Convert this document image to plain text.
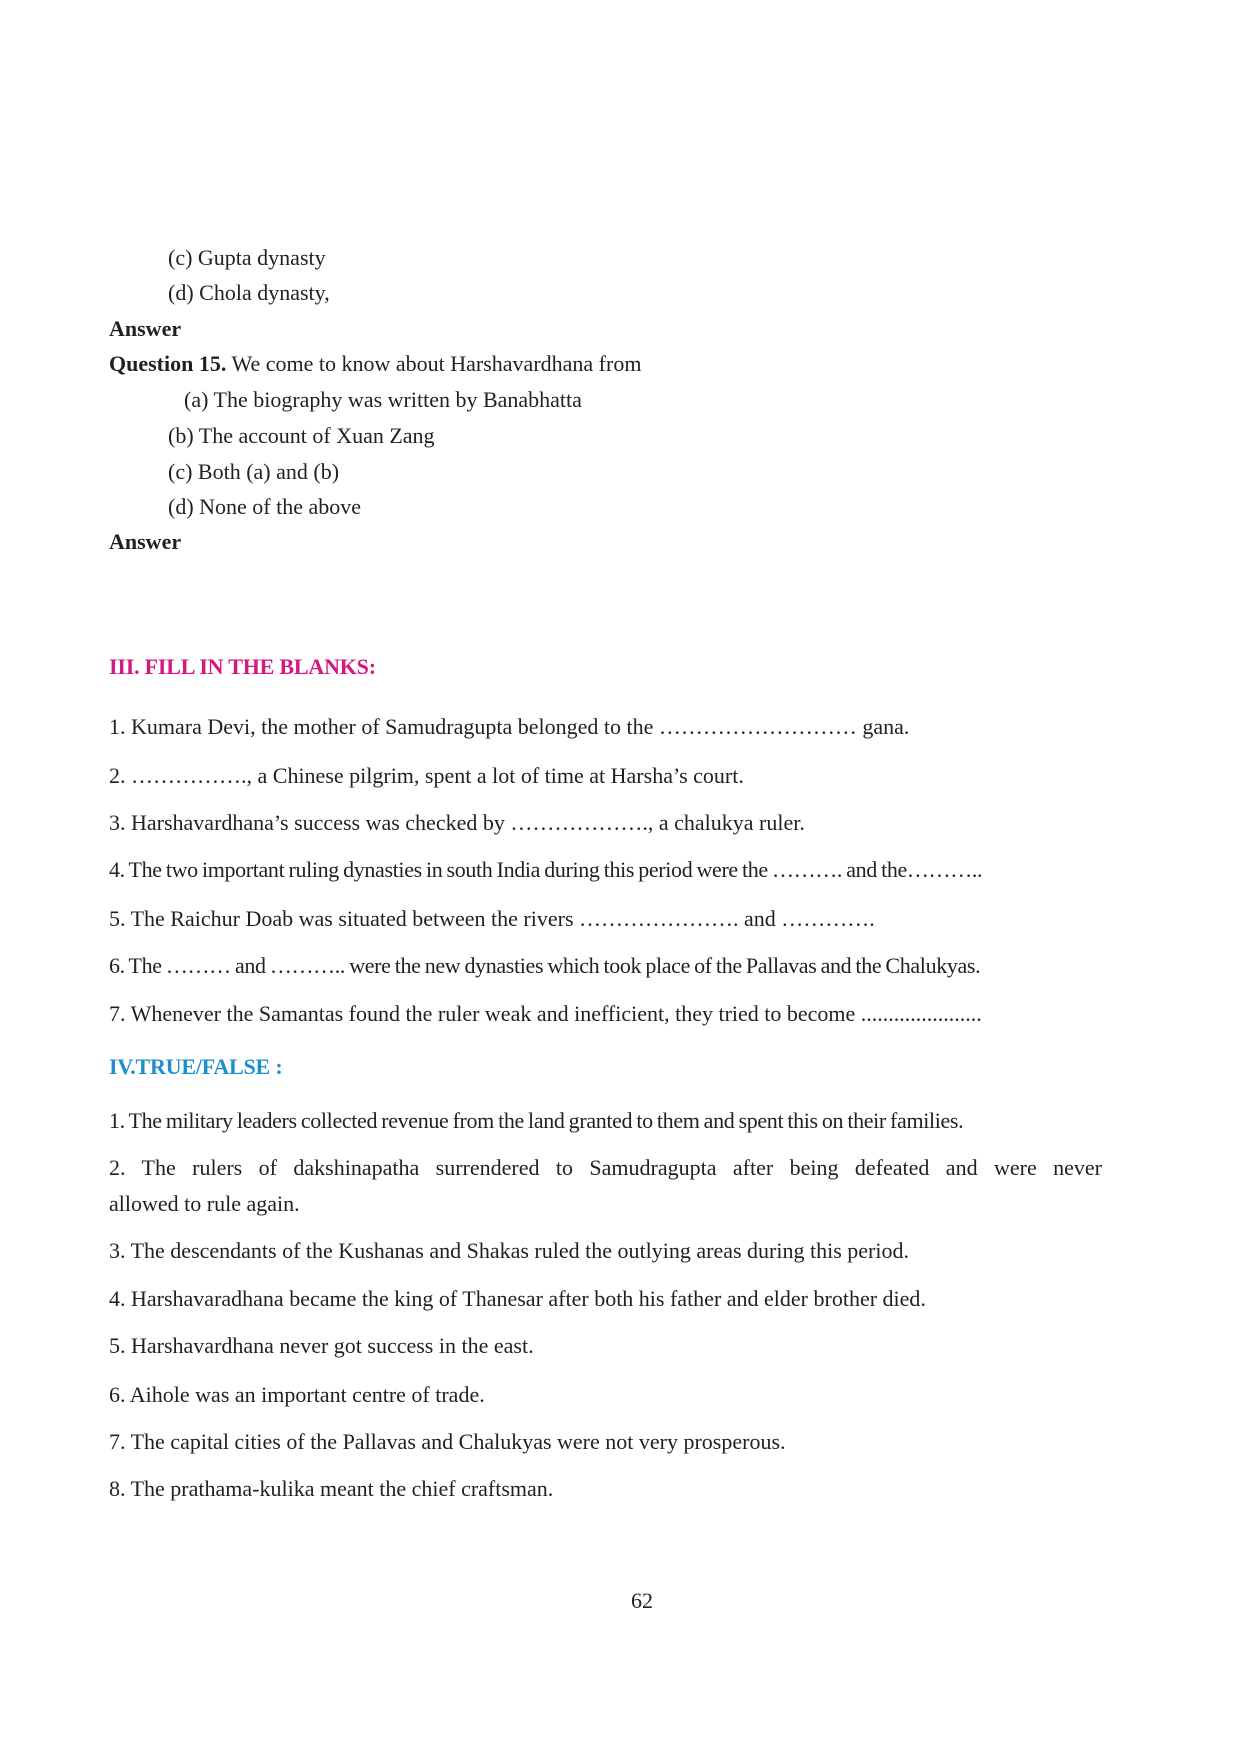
(c) Gupta dynasty
(d) Chola dynasty,
Answer
Question 15. We come to know about Harshavardhana from
(a) The biography was written by Banabhatta
(b) The account of Xuan Zang
(c) Both (a) and (b)
(d) None of the above
Answer
III. FILL IN THE BLANKS:
1. Kumara Devi, the mother of Samudragupta belonged to the ……………………… gana.
2. ……………., a Chinese pilgrim, spent a lot of time at Harsha’s court.
3. Harshavardhana’s success was checked by ………………., a chalukya ruler.
4. The two important ruling dynasties in south India during this period were the ………. and the………..
5. The Raichur Doab was situated between the rivers …………………. and ………….
6. The ……… and ……….. were the new dynasties which took place of the Pallavas and the Chalukyas.
7. Whenever the Samantas found the ruler weak and inefficient, they tried to become ......................
IV.TRUE/FALSE :
1. The military leaders collected revenue from the land granted to them and spent this on their families.
2. The rulers of dakshinapatha surrendered to Samudragupta after being defeated and were never
allowed to rule again.
3. The descendants of the Kushanas and Shakas ruled the outlying areas during this period.
4. Harshavaradhana became the king of Thanesar after both his father and elder brother died.
5. Harshavardhana never got success in the east.
6. Aihole was an important centre of trade.
7. The capital cities of the Pallavas and Chalukyas were not very prosperous.
8. The prathama-kulika meant the chief craftsman.
62
